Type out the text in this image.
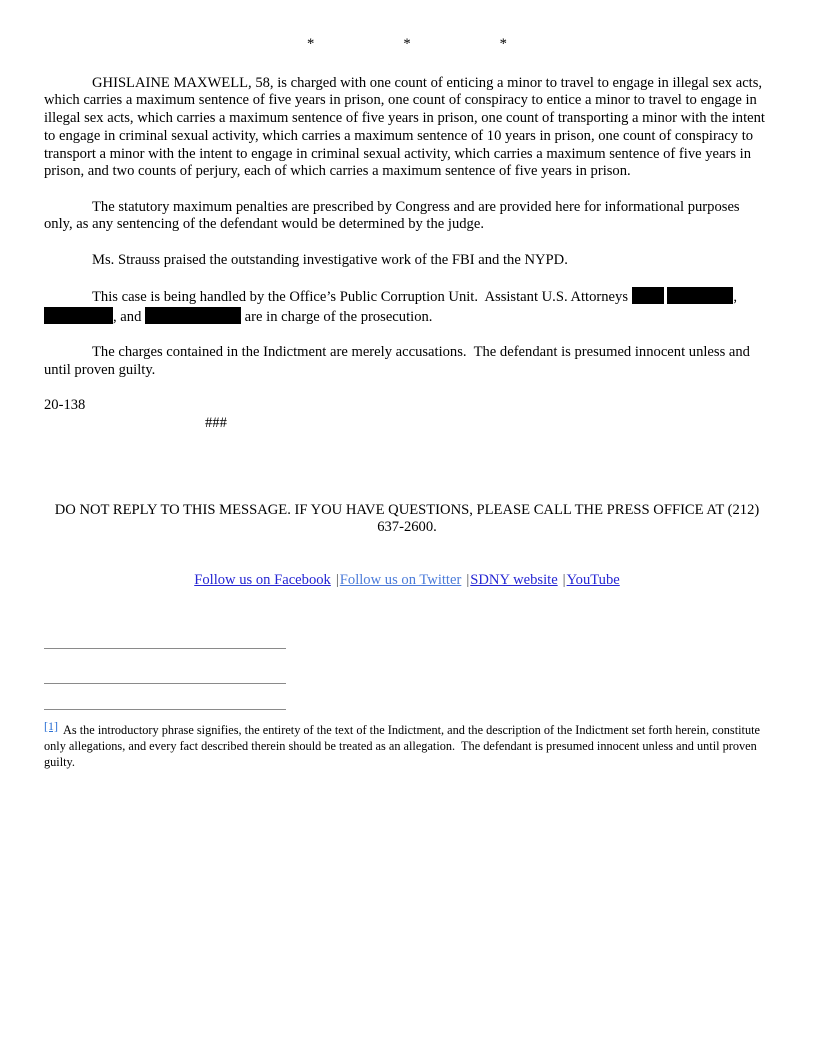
*	*	*

GHISLAINE MAXWELL, 58, is charged with one count of enticing a minor to travel to engage in illegal sex acts, which carries a maximum sentence of five years in prison, one count of conspiracy to entice a minor to travel to engage in illegal sex acts, which carries a maximum sentence of five years in prison, one count of transporting a minor with the intent to engage in criminal sexual activity, which carries a maximum sentence of 10 years in prison, one count of conspiracy to transport a minor with the intent to engage in criminal sexual activity, which carries a maximum sentence of five years in prison, and two counts of perjury, each of which carries a maximum sentence of five years in prison.

The statutory maximum penalties are prescribed by Congress and are provided here for informational purposes only, as any sentencing of the defendant would be determined by the judge.

Ms. Strauss praised the outstanding investigative work of the FBI and the NYPD.

This case is being handled by the Office’s Public Corruption Unit.  Assistant U.S. Attorneys	, , and	are in charge of the prosecution.

The charges contained in the Indictment are merely accusations.  The defendant is presumed innocent unless and until proven guilty.

20-138

###

DO NOT REPLY TO THIS MESSAGE. IF YOU HAVE QUESTIONS, PLEASE CALL THE PRESS OFFICE AT (212) 637-2600.
Follow us on Facebook |Follow us on Twitter |SDNY website |YouTube
[1] As the introductory phrase signifies, the entirety of the text of the Indictment, and the description of the Indictment set forth herein, constitute only allegations, and every fact described therein should be treated as an allegation.  The defendant is presumed innocent unless and until proven guilty.
